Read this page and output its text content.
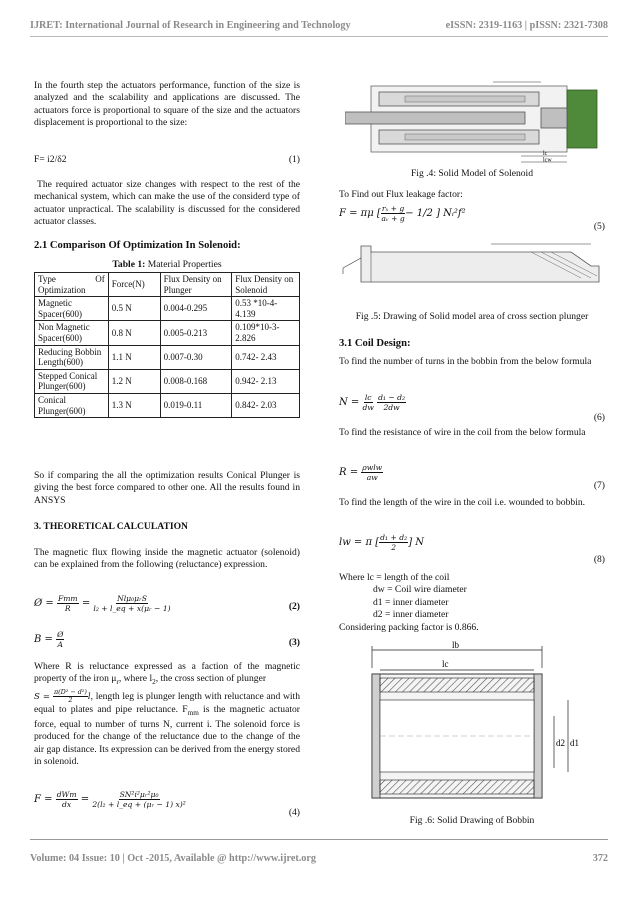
IJRET: International Journal of Research in Engineering and Technology	eISSN: 2319-1163 | pISSN: 2321-7308

In the fourth step the actuators performance, function of the size is analyzed and the scalability and applications are discussed. The actuators force is proportional to square of the size and the actuators displacement is proportional to the size:

F= i2/δ2	(1)

The required actuator size changes with respect to the rest of the mechanical system, which can make the use of the considerd type of actuator unpractical. The scalability is discussed for the considered actuator classes.

2.1 Comparison Of Optimization In Solenoid:
Table 1: Material Properties
Type Of Optimization	Force(N)	Flux Density on Plunger	Flux Density on Solenoid
Magnetic Spacer(600)	0.5 N	0.004-0.295	0.53 *10-4-4.139
Non Magnetic Spacer(600)	0.8 N	0.005-0.213	0.109*10-3-2.826
Reducing Bobbin Length(600)	1.1 N	0.007-0.30	0.742- 2.43
Stepped Conical Plunger(600)	1.2 N	0.008-0.168	0.942- 2.13
Conical Plunger(600)	1.3 N	0.019-0.11	0.842- 2.03

So if comparing the all the optimization results Conical Plunger is giving the best force compared to other one. All the results found in ANSYS

3. THEORETICAL CALCULATION

The magnetic flux flowing inside the magnetic actuator (solenoid) can be explained from the following (reluctance) expression.

Ø = $\frac{\text{Fmm}}{R} = \frac{\text{Nlμ₀μᵣS}}{\text{l₂ + l\_eq + x(μᵣ − 1)}}$	(2)
$B = \frac{Ø}{A}$	(3)

Where R is reluctance expressed as a faction of the magnetic property of the iron $\mu_r$, where $l_2$, the cross section of plunger
$S = \frac{\text{π(D² − d²)}}{2} l$, length leg is plunger length with reluctance and with equal to plates and pipe reluctance. $F_{mm}$ is the magnetic actuator force, equal to number of turns N, current i. The solenoid force is produced for the change of the reluctance due to the change of the air gap distance. Its expression can be derived from the energy stored in solenoid.

$F = \frac{\text{dWm}}{dx} = \frac{\text{SN²i²μᵣ²μ₀}}{\text{2(l₂ + l\_eq + (μᵣ − 1) x)²}}$
(4)
lc
lcw
Fig .4: Solid Model of Solenoid
To Find out Flux leakage factor:
F = πμ [ $\frac{\text{rₓ + g}}{\text{aᵥ + g}} - 1/2$ ] Nᵢ²f²
(5)
Fig .5: Drawing of Solid model area of cross section plunger
3.1 Coil Design:

To find the number of turns in the bobbin from the below formula

$N = \frac{lc}{dw}$
$\frac{\text{d₁ − d₂}}{2dw}$
(6)

To find the resistance of wire in the coil from the below formula

$R = \frac{\text{ρwlw}}{aw}$
(7)

To find the length of the wire in the coil i.e. wounded to bobbin.

lw = π [ $\frac{\text{d₁ + d₂}}{2}$ ] N
(8)
Where lc = length of the coil
dw = Coil wire diameter
d1 = inner diameter
d2 = inner diameter
Considering packing factor is 0.866.
lb
lc
d2 d1
Fig .6: Solid Drawing of Bobbin
Volume: 04 Issue: 10 | Oct -2015, Available @ http://www.ijret.org	372
